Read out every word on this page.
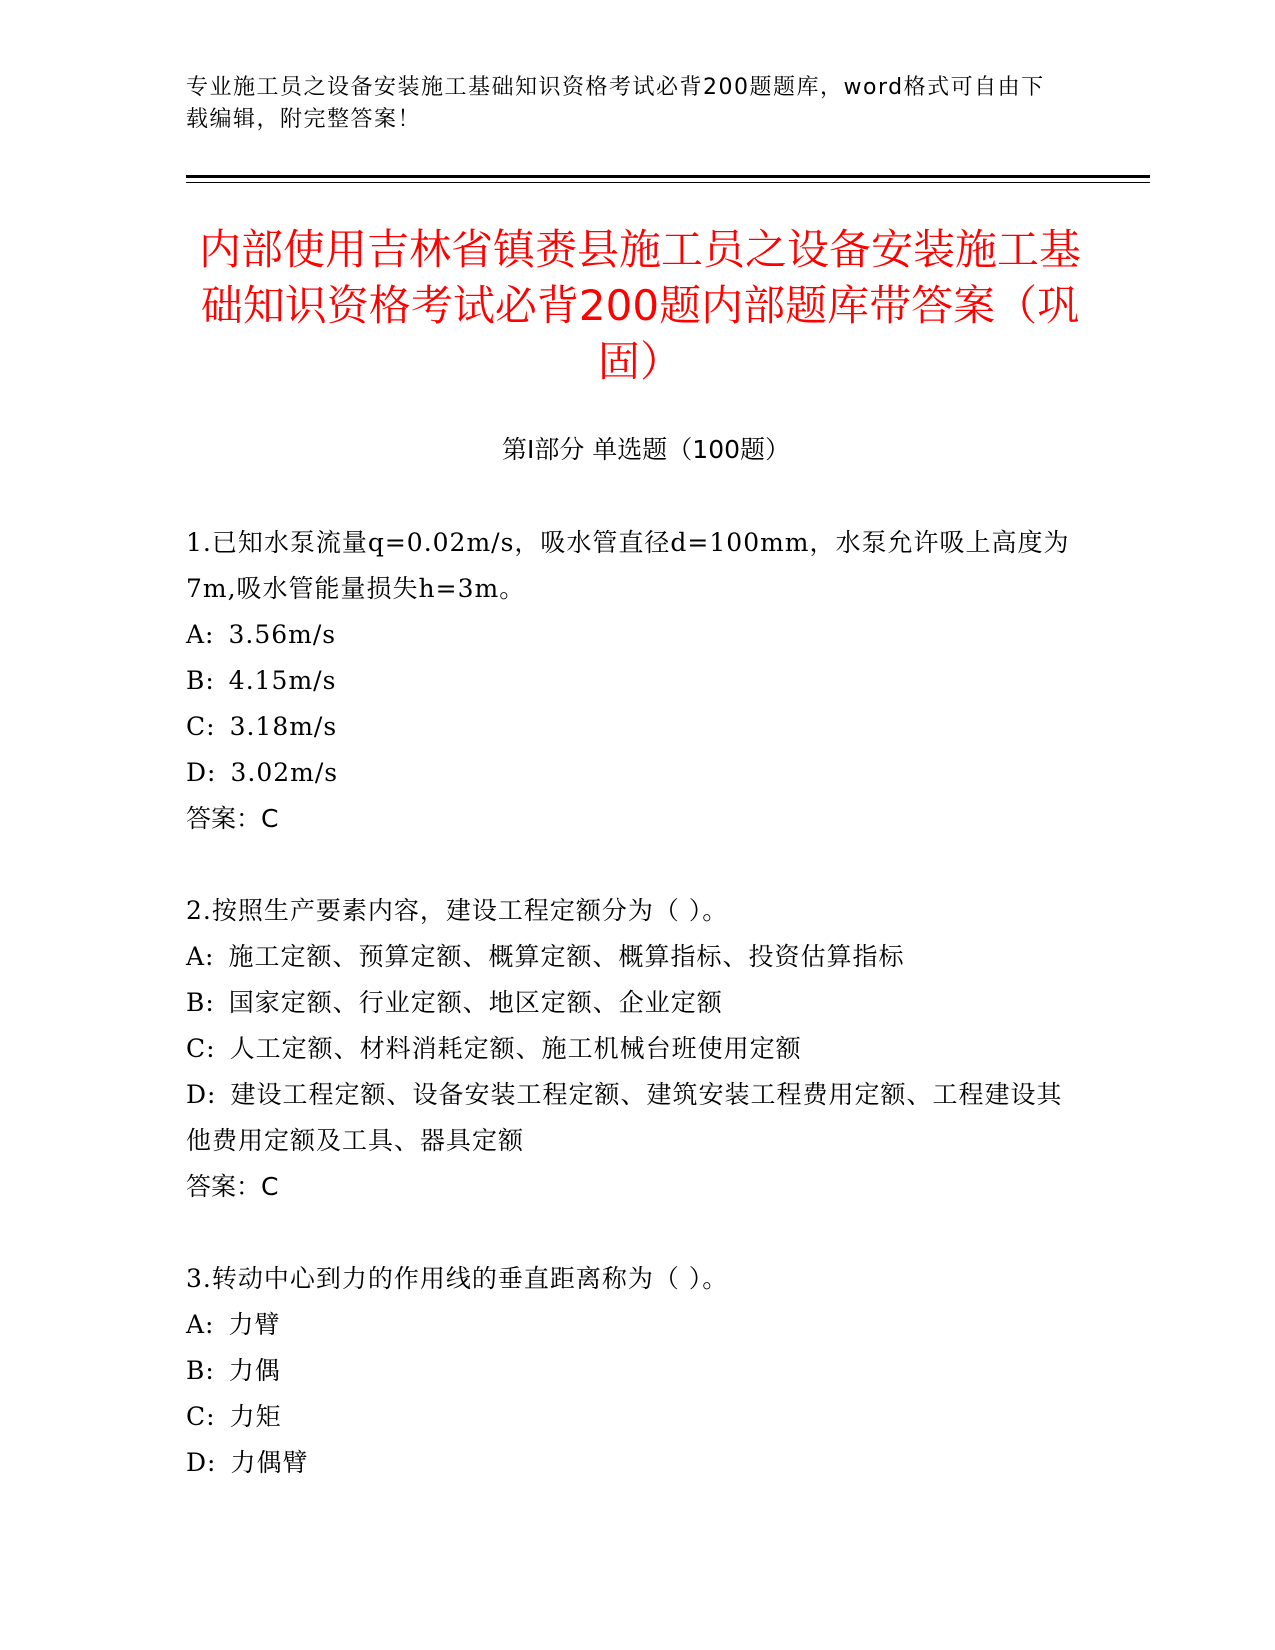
专业施工员之设备安装施工基础知识资格考试必背200题题库，word格式可自由下载编辑，附完整答案！
内部使用吉林省镇赉县施工员之设备安装施工基础知识资格考试必背200题内部题库带答案（巩固）
第Ⅰ部分 单选题（100题）
1.已知水泵流量q=0.02m/s，吸水管直径d=100mm，水泵允许吸上高度为7m,吸水管能量损失h=3m。
A: 3.56m/s
B: 4.15m/s
C: 3.18m/s
D: 3.02m/s
答案：C
2.按照生产要素内容，建设工程定额分为（ ）。
A: 施工定额、预算定额、概算定额、概算指标、投资估算指标
B: 国家定额、行业定额、地区定额、企业定额
C: 人工定额、材料消耗定额、施工机械台班使用定额
D: 建设工程定额、设备安装工程定额、建筑安装工程费用定额、工程建设其他费用定额及工具、器具定额
答案：C
3.转动中心到力的作用线的垂直距离称为（ ）。
A: 力臂
B: 力偶
C: 力矩
D: 力偶臂
